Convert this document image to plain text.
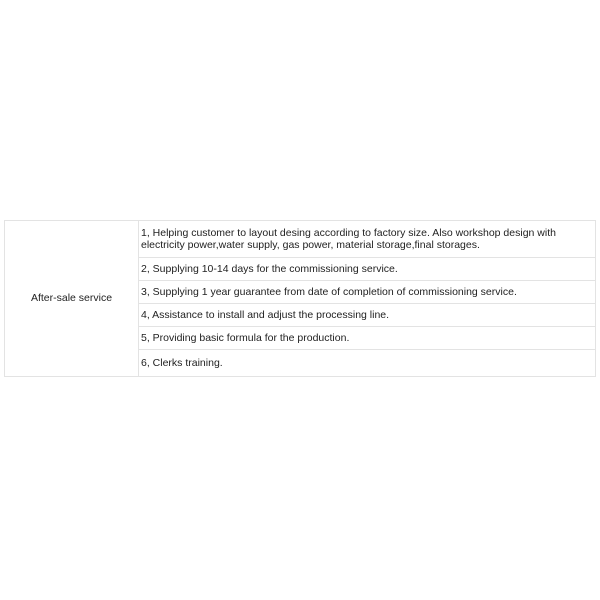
After-sale service	1, Helping customer to layout desing according to factory size. Also workshop design with electricity power,water supply, gas power, material storage,final storages.
2, Supplying 10-14 days for the commissioning service.
3, Supplying 1 year guarantee from date of completion of commissioning service.
4, Assistance to install and adjust the processing line.
5, Providing basic formula for the production.
6, Clerks training.
